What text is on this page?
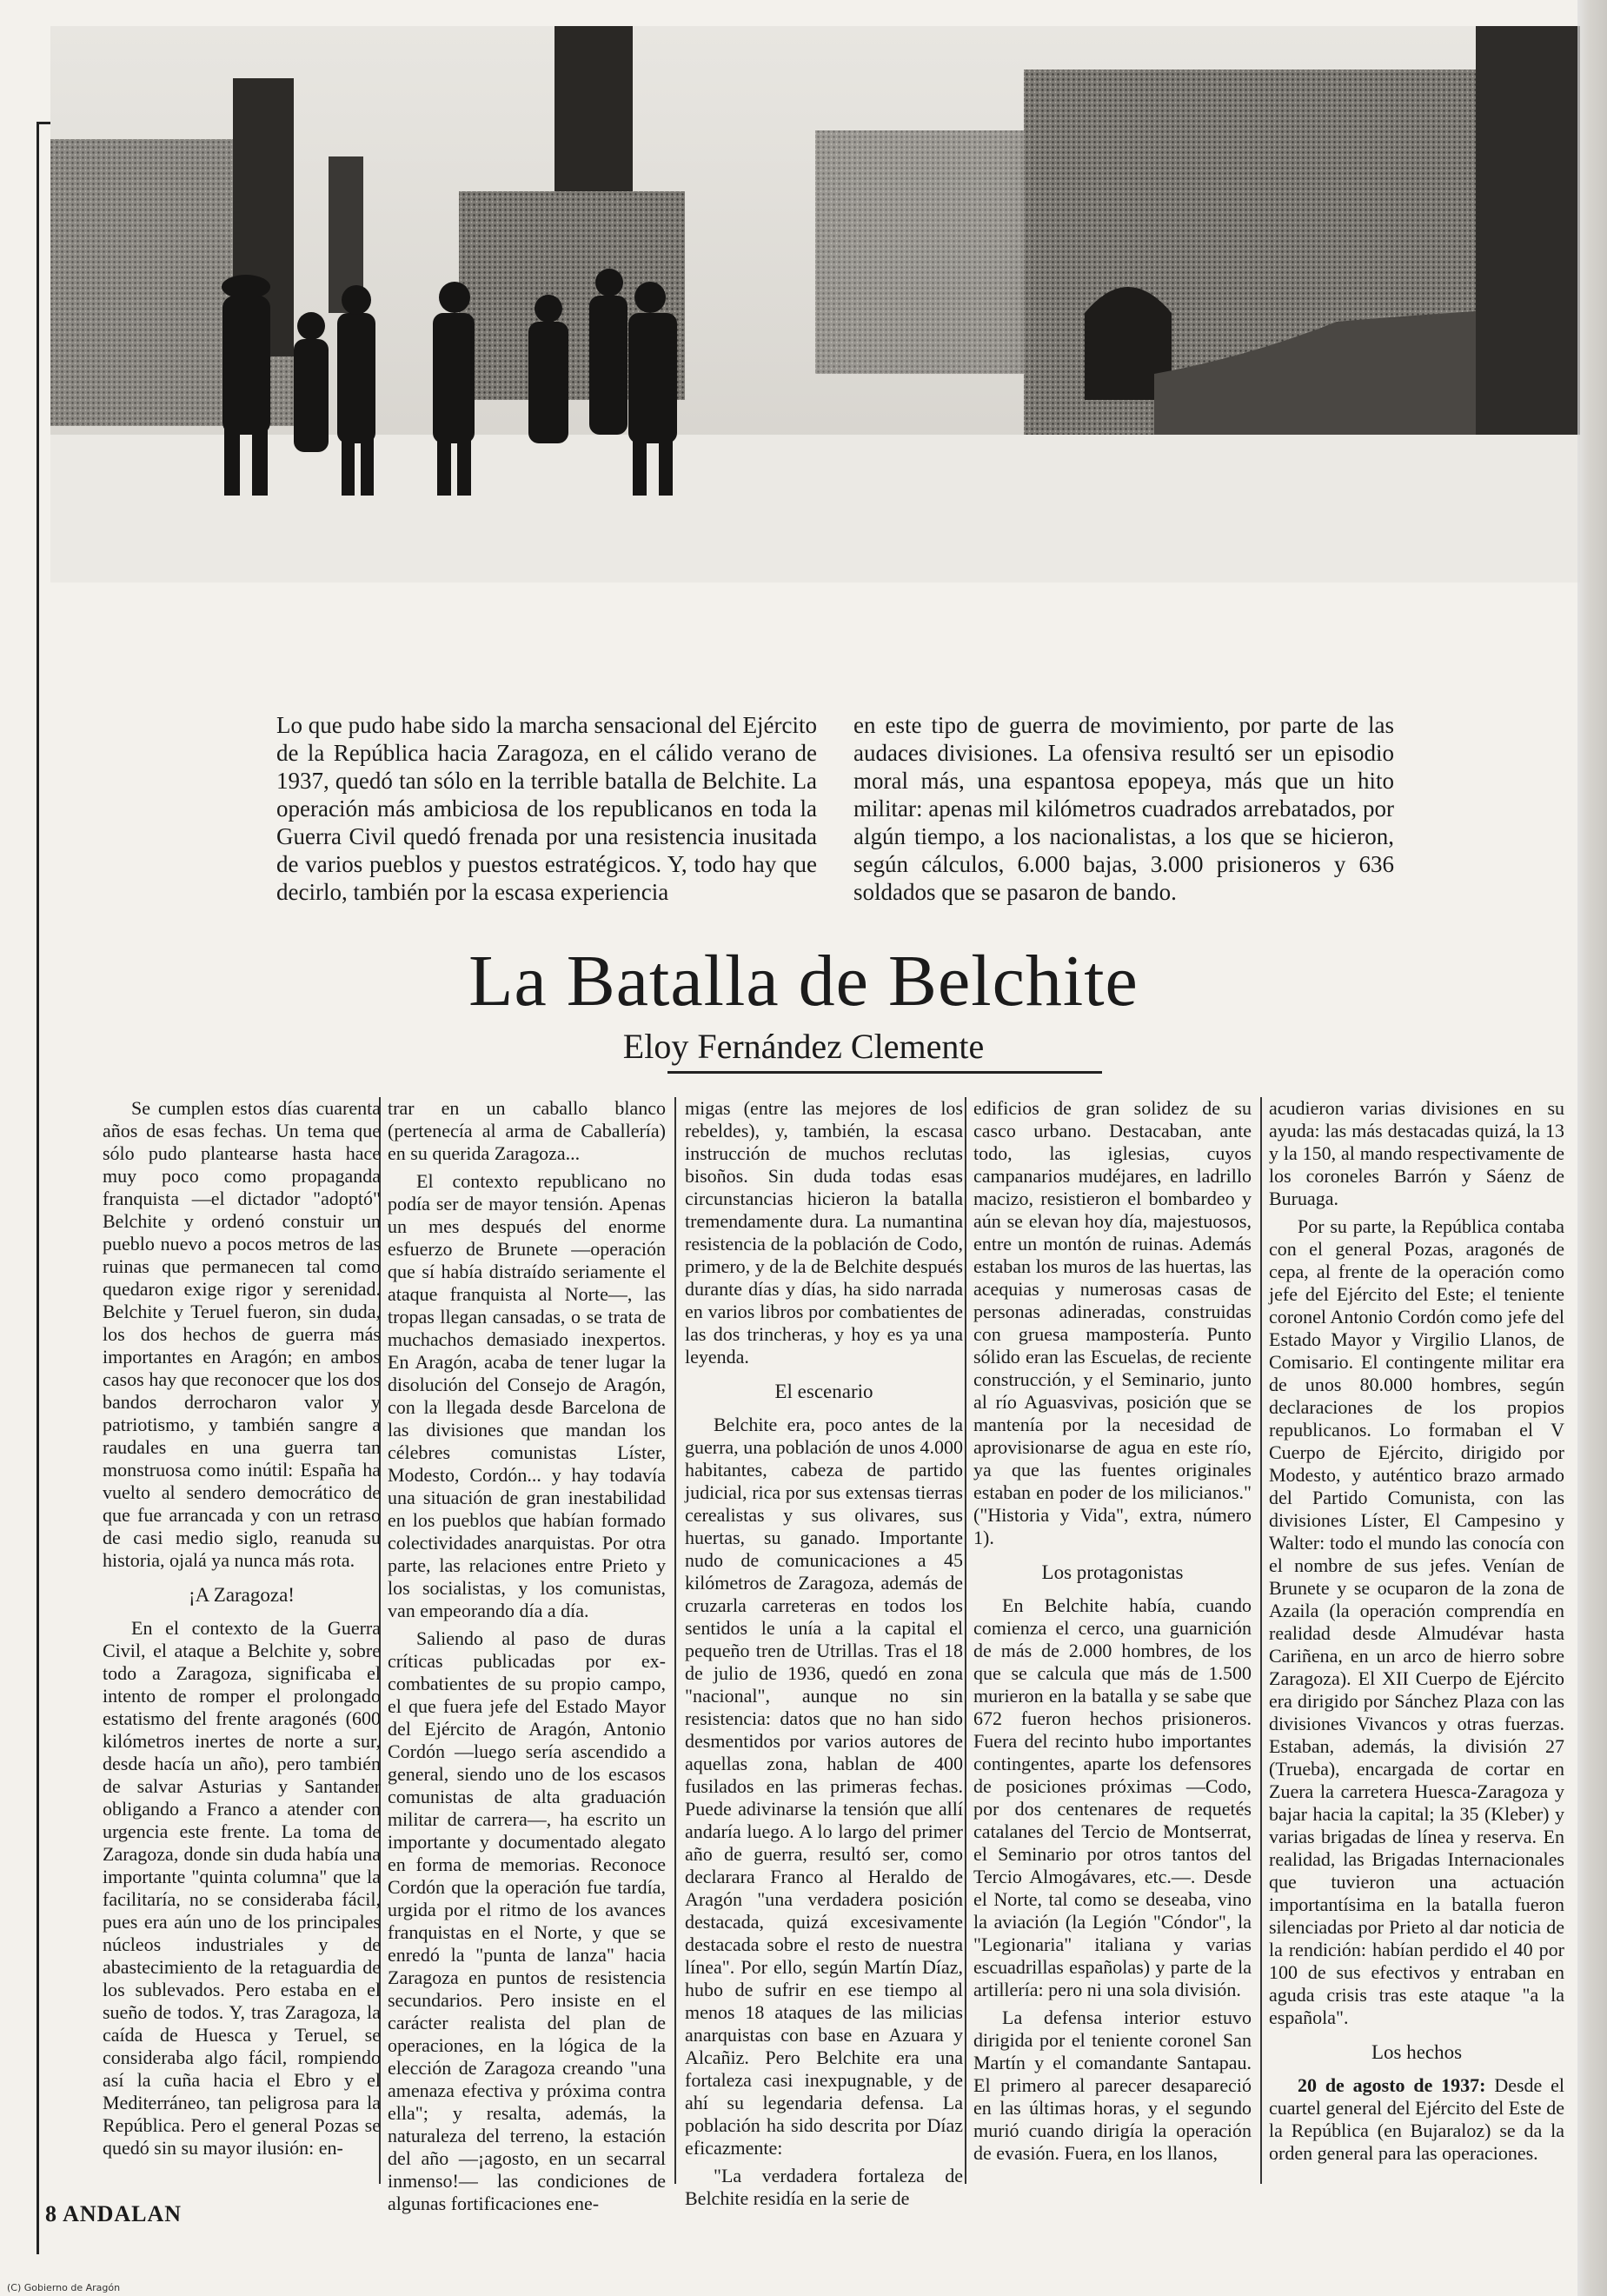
Lo que pudo habe sido la marcha sensacional del Ejército de la República hacia Zaragoza, en el cálido verano de 1937, quedó tan sólo en la terrible batalla de Belchite. La operación más ambiciosa de los republicanos en toda la Guerra Civil quedó frenada por una resistencia inusitada de varios pueblos y puestos estratégicos. Y, todo hay que decirlo, también por la escasa experiencia
en este tipo de guerra de movimiento, por parte de las audaces divisiones. La ofensiva resultó ser un episodio moral más, una espantosa epopeya, más que un hito militar: apenas mil kilómetros cuadrados arrebatados, por algún tiempo, a los nacionalistas, a los que se hicieron, según cálculos, 6.000 bajas, 3.000 prisioneros y 636 soldados que se pasaron de bando.
La Batalla de Belchite
Eloy Fernández Clemente

Se cumplen estos días cuarenta años de esas fechas. Un tema que sólo pudo plantearse hasta hace muy poco como propaganda franquista —el dictador "adoptó" Belchite y ordenó constuir un pueblo nuevo a pocos metros de las ruinas que permanecen tal como quedaron exige rigor y serenidad. Belchite y Teruel fueron, sin duda, los dos hechos de guerra más importantes en Aragón; en ambos casos hay que reconocer que los dos bandos derrocharon valor y patriotismo, y también sangre a raudales en una guerra tan monstruosa como inútil: España ha vuelto al sendero democrático de que fue arrancada y con un retraso de casi medio siglo, reanuda su historia, ojalá ya nunca más rota.

¡A Zaragoza!

En el contexto de la Guerra Civil, el ataque a Belchite y, sobre todo a Zaragoza, significaba el intento de romper el prolongado estatismo del frente aragonés (600 kilómetros inertes de norte a sur, desde hacía un año), pero también de salvar Asturias y Santander obligando a Franco a atender con urgencia este frente. La toma de Zaragoza, donde sin duda había una importante "quinta columna" que la facilitaría, no se consideraba fácil, pues era aún uno de los principales núcleos industriales y de abastecimiento de la retaguardia de los sublevados. Pero estaba en el sueño de todos. Y, tras Zaragoza, la caída de Huesca y Teruel, se consideraba algo fácil, rompiendo así la cuña hacia el Ebro y el Mediterráneo, tan peligrosa para la República. Pero el general Pozas se quedó sin su mayor ilusión: en-

trar en un caballo blanco (pertenecía al arma de Caballería) en su querida Zaragoza...

El contexto republicano no podía ser de mayor tensión. Apenas un mes después del enorme esfuerzo de Brunete —operación que sí había distraído seriamente el ataque franquista al Norte—, las tropas llegan cansadas, o se trata de muchachos demasiado inexpertos. En Aragón, acaba de tener lugar la disolución del Consejo de Aragón, con la llegada desde Barcelona de las divisiones que mandan los célebres comunistas Líster, Modesto, Cordón... y hay todavía una situación de gran inestabilidad en los pueblos que habían formado colectividades anarquistas. Por otra parte, las relaciones entre Prieto y los socialistas, y los comunistas, van empeorando día a día.

Saliendo al paso de duras críticas publicadas por ex-combatientes de su propio campo, el que fuera jefe del Estado Mayor del Ejército de Aragón, Antonio Cordón —luego sería ascendido a general, siendo uno de los escasos comunistas de alta graduación militar de carrera—, ha escrito un importante y documentado alegato en forma de memorias. Reconoce Cordón que la operación fue tardía, urgida por el ritmo de los avances franquistas en el Norte, y que se enredó la "punta de lanza" hacia Zaragoza en puntos de resistencia secundarios. Pero insiste en el carácter realista del plan de operaciones, en la lógica de la elección de Zaragoza creando "una amenaza efectiva y próxima contra ella"; y resalta, además, la naturaleza del terreno, la estación del año —¡agosto, en un secarral inmenso!— las condiciones de algunas fortificaciones ene-

migas (entre las mejores de los rebeldes), y, también, la escasa instrucción de muchos reclutas bisoños. Sin duda todas esas circunstancias hicieron la batalla tremendamente dura. La numantina resistencia de la población de Codo, primero, y de la de Belchite después durante días y días, ha sido narrada en varios libros por combatientes de las dos trincheras, y hoy es ya una leyenda.

El escenario

Belchite era, poco antes de la guerra, una población de unos 4.000 habitantes, cabeza de partido judicial, rica por sus extensas tierras cerealistas y sus olivares, sus huertas, su ganado. Importante nudo de comunicaciones a 45 kilómetros de Zaragoza, además de cruzarla carreteras en todos los sentidos le unía a la capital el pequeño tren de Utrillas. Tras el 18 de julio de 1936, quedó en zona "nacional", aunque no sin resistencia: datos que no han sido desmentidos por varios autores de aquellas zona, hablan de 400 fusilados en las primeras fechas. Puede adivinarse la tensión que allí andaría luego. A lo largo del primer año de guerra, resultó ser, como declarara Franco al Heraldo de Aragón "una verdadera posición destacada, quizá excesivamente destacada sobre el resto de nuestra línea". Por ello, según Martín Díaz, hubo de sufrir en ese tiempo al menos 18 ataques de las milicias anarquistas con base en Azuara y Alcañiz. Pero Belchite era una fortaleza casi inexpugnable, y de ahí su legendaria defensa. La población ha sido descrita por Díaz eficazmente:

"La verdadera fortaleza de Belchite residía en la serie de

edificios de gran solidez de su casco urbano. Destacaban, ante todo, las iglesias, cuyos campanarios mudéjares, en ladrillo macizo, resistieron el bombardeo y aún se elevan hoy día, majestuosos, entre un montón de ruinas. Además estaban los muros de las huertas, las acequias y numerosas casas de personas adineradas, construidas con gruesa mampostería. Punto sólido eran las Escuelas, de reciente construcción, y el Seminario, junto al río Aguasvivas, posición que se mantenía por la necesidad de aprovisionarse de agua en este río, ya que las fuentes originales estaban en poder de los milicianos." ("Historia y Vida", extra, número 1).

Los protagonistas

En Belchite había, cuando comienza el cerco, una guarnición de más de 2.000 hombres, de los que se calcula que más de 1.500 murieron en la batalla y se sabe que 672 fueron hechos prisioneros. Fuera del recinto hubo importantes contingentes, aparte los defensores de posiciones próximas —Codo, por dos centenares de requetés catalanes del Tercio de Montserrat, el Seminario por otros tantos del Tercio Almogávares, etc.—. Desde el Norte, tal como se deseaba, vino la aviación (la Legión "Cóndor", la "Legionaria" italiana y varias escuadrillas españolas) y parte de la artillería: pero ni una sola división.

La defensa interior estuvo dirigida por el teniente coronel San Martín y el comandante Santapau. El primero al parecer desapareció en las últimas horas, y el segundo murió cuando dirigía la operación de evasión. Fuera, en los llanos,

acudieron varias divisiones en su ayuda: las más destacadas quizá, la 13 y la 150, al mando respectivamente de los coroneles Barrón y Sáenz de Buruaga.

Por su parte, la República contaba con el general Pozas, aragonés de cepa, al frente de la operación como jefe del Ejército del Este; el teniente coronel Antonio Cordón como jefe del Estado Mayor y Virgilio Llanos, de Comisario. El contingente militar era de unos 80.000 hombres, según declaraciones de los propios republicanos. Lo formaban el V Cuerpo de Ejército, dirigido por Modesto, y auténtico brazo armado del Partido Comunista, con las divisiones Líster, El Campesino y Walter: todo el mundo las conocía con el nombre de sus jefes. Venían de Brunete y se ocuparon de la zona de Azaila (la operación comprendía en realidad desde Almudévar hasta Cariñena, en un arco de hierro sobre Zaragoza). El XII Cuerpo de Ejército era dirigido por Sánchez Plaza con las divisiones Vivancos y otras fuerzas. Estaban, además, la división 27 (Trueba), encargada de cortar en Zuera la carretera Huesca-Zaragoza y bajar hacia la capital; la 35 (Kleber) y varias brigadas de línea y reserva. En realidad, las Brigadas Internacionales que tuvieron una actuación importantísima en la batalla fueron silenciadas por Prieto al dar noticia de la rendición: habían perdido el 40 por 100 de sus efectivos y entraban en aguda crisis tras este ataque "a la española".

Los hechos

20 de agosto de 1937: Desde el cuartel general del Ejército del Este de la República (en Bujaraloz) se da la orden general para las operaciones.

8 ANDALAN
(C) Gobierno de Aragón
